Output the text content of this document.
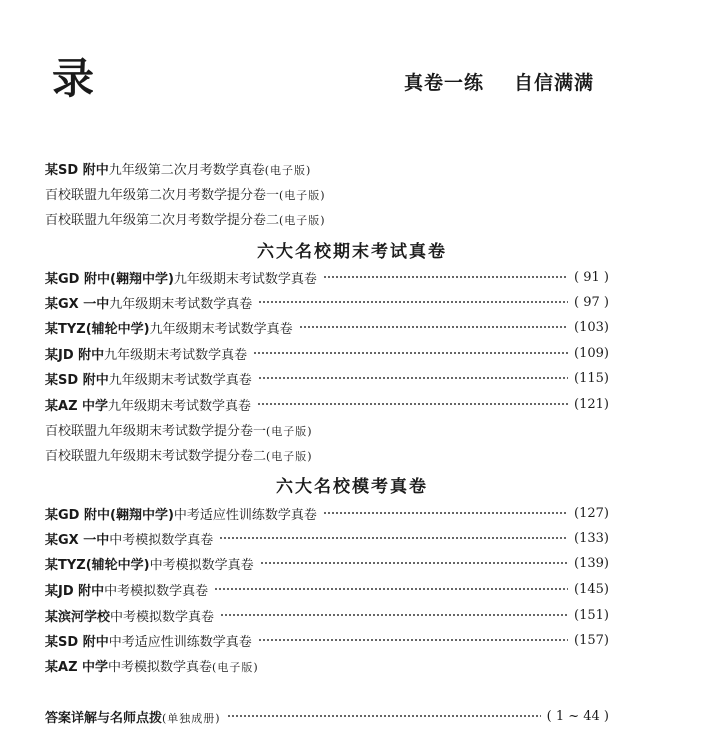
录	真卷一练 自信满满
某SD 附中九年级第二次月考数学真卷(电子版)
百校联盟九年级第二次月考数学提分卷一(电子版)
百校联盟九年级第二次月考数学提分卷二(电子版)
六大名校期末考试真卷
某GD 附中(翱翔中学)九年级期末考试数学真卷	( 91 )
某GX 一中九年级期末考试数学真卷	( 97 )
某TYZ(辅轮中学)九年级期末考试数学真卷	(103)
某JD 附中九年级期末考试数学真卷	(109)
某SD 附中九年级期末考试数学真卷	(115)
某AZ 中学九年级期末考试数学真卷	(121)
百校联盟九年级期末考试数学提分卷一(电子版)
百校联盟九年级期末考试数学提分卷二(电子版)
六大名校模考真卷
某GD 附中(翱翔中学)中考适应性训练数学真卷	(127)
某GX 一中中考模拟数学真卷	(133)
某TYZ(辅轮中学)中考模拟数学真卷	(139)
某JD 附中中考模拟数学真卷	(145)
某滨河学校中考模拟数学真卷	(151)
某SD 附中中考适应性训练数学真卷	(157)
某AZ 中学中考模拟数学真卷(电子版)
答案详解与名师点拨(单独成册)	( 1 ~ 44 )
